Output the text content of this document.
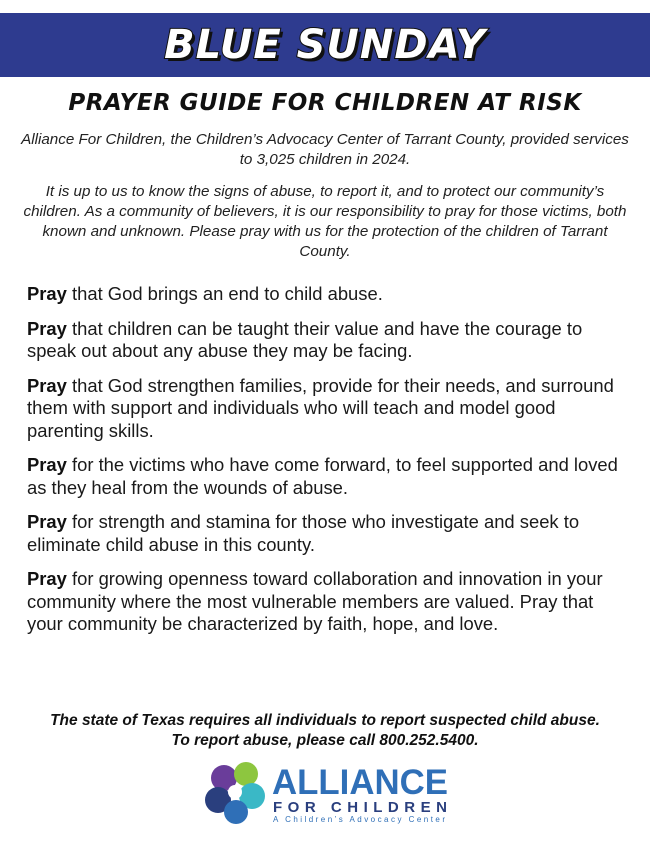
BLUE SUNDAY
PRAYER GUIDE FOR CHILDREN AT RISK

Alliance For Children, the Children’s Advocacy Center of Tarrant County, provided services to 3,025 children in 2024.

It is up to us to know the signs of abuse, to report it, and to protect our community’s children. As a community of believers, it is our responsibility to pray for those victims, both known and unknown. Please pray with us for the protection of the children of Tarrant County.

Pray that God brings an end to child abuse.

Pray that children can be taught their value and have the courage to speak out about any abuse they may be facing.

Pray that God strengthen families, provide for their needs, and surround them with support and individuals who will teach and model good parenting skills.

Pray for the victims who have come forward, to feel supported and loved as they heal from the wounds of abuse.

Pray for strength and stamina for those who investigate and seek to eliminate child abuse in this county.

Pray for growing openness toward collaboration and innovation in your community where the most vulnerable members are valued. Pray that your community be characterized by faith, hope, and love.

The state of Texas requires all individuals to report suspected child abuse.
To report abuse, please call 800.252.5400.
ALLIANCE
FOR CHILDREN
A Children’s Advocacy Center
